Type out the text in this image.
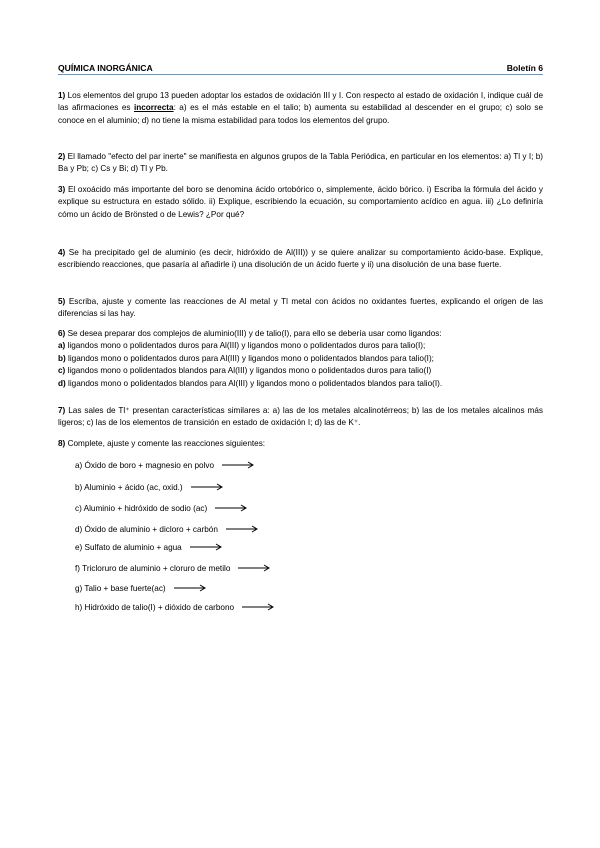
QUÍMICA INORGÁNICA	Boletín 6
1) Los elementos del grupo 13 pueden adoptar los estados de oxidación III y I. Con respecto al estado de oxidación I, indique cuál de las afirmaciones es incorrecta: a) es el más estable en el talio; b) aumenta su estabilidad al descender en el grupo; c) solo se conoce en el aluminio; d) no tiene la misma estabilidad para todos los elementos del grupo.
2) El llamado "efecto del par inerte" se manifiesta en algunos grupos de la Tabla Periódica, en particular en los elementos: a) Tl y I; b) Ba y Pb; c) Cs y Bi; d) Tl y Pb.
3) El oxoácido más importante del boro se denomina ácido ortobórico o, simplemente, ácido bórico. i) Escriba la fórmula del ácido y explique su estructura en estado sólido. ii) Explique, escribiendo la ecuación, su comportamiento acídico en agua. iii) ¿Lo definiría cómo un ácido de Brönsted o de Lewis? ¿Por qué?
4) Se ha precipitado gel de aluminio (es decir, hidróxido de Al(III)) y se quiere analizar su comportamiento ácido-base. Explique, escribiendo reacciones, que pasaría al añadirle i) una disolución de un ácido fuerte y ii) una disolución de una base fuerte.
5) Escriba, ajuste y comente las reacciones de Al metal y Tl metal con ácidos no oxidantes fuertes, explicando el origen de las diferencias si las hay.
6) Se desea preparar dos complejos de aluminio(III) y de talio(I), para ello se debería usar como ligandos:
a) ligandos mono o polidentados duros para Al(III) y ligandos mono o polidentados duros para talio(I);
b) ligandos mono o polidentados duros para Al(III) y ligandos mono o polidentados blandos para talio(I);
c) ligandos mono o polidentados blandos para Al(III) y ligandos mono o polidentados duros para talio(I)
d) ligandos mono o polidentados blandos para Al(III) y ligandos mono o polidentados blandos para talio(I).
7) Las sales de Tl⁺ presentan características similares a: a) las de los metales alcalinotérreos; b) las de los metales alcalinos más ligeros; c) las de los elementos de transición en estado de oxidación I; d) las de K⁺.
8) Complete, ajuste y comente las reacciones siguientes:
a) Óxido de boro + magnesio en polvo
b) Aluminio + ácido (ac, oxid.)
c) Aluminio + hidróxido de sodio (ac)
d) Óxido de aluminio + dicloro + carbón
e) Sulfato de aluminio + agua
f) Tricloruro de aluminio + cloruro de metilo
g) Talio + base fuerte(ac)
h) Hidróxido de talio(I) + dióxido de carbono
